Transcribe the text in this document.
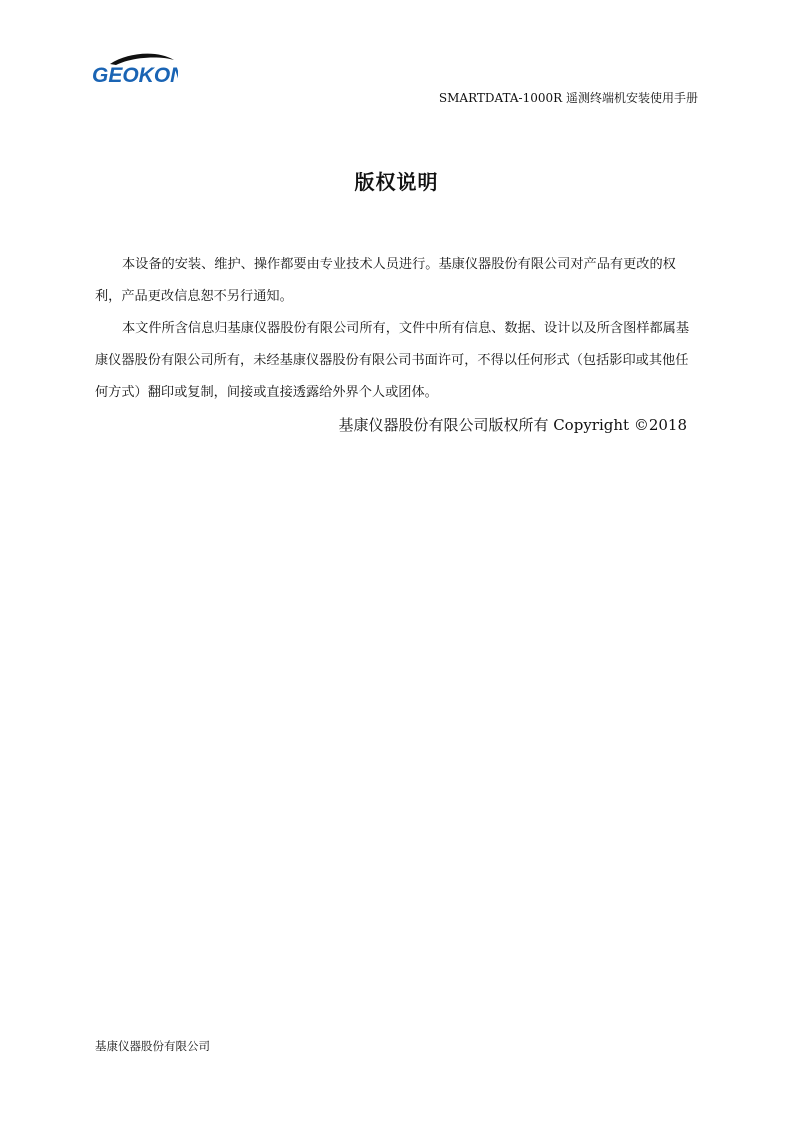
GEOKON
SMARTDATA-1000R 遥测终端机安装使用手册
版权说明

本设备的安装、维护、操作都要由专业技术人员进行。基康仪器股份有限公司对产品有更改的权利，产品更改信息恕不另行通知。

本文件所含信息归基康仪器股份有限公司所有，文件中所有信息、数据、设计以及所含图样都属基康仪器股份有限公司所有，未经基康仪器股份有限公司书面许可，不得以任何形式（包括影印或其他任何方式）翻印或复制，间接或直接透露给外界个人或团体。

基康仪器股份有限公司版权所有 Copyright ©2018
基康仪器股份有限公司
